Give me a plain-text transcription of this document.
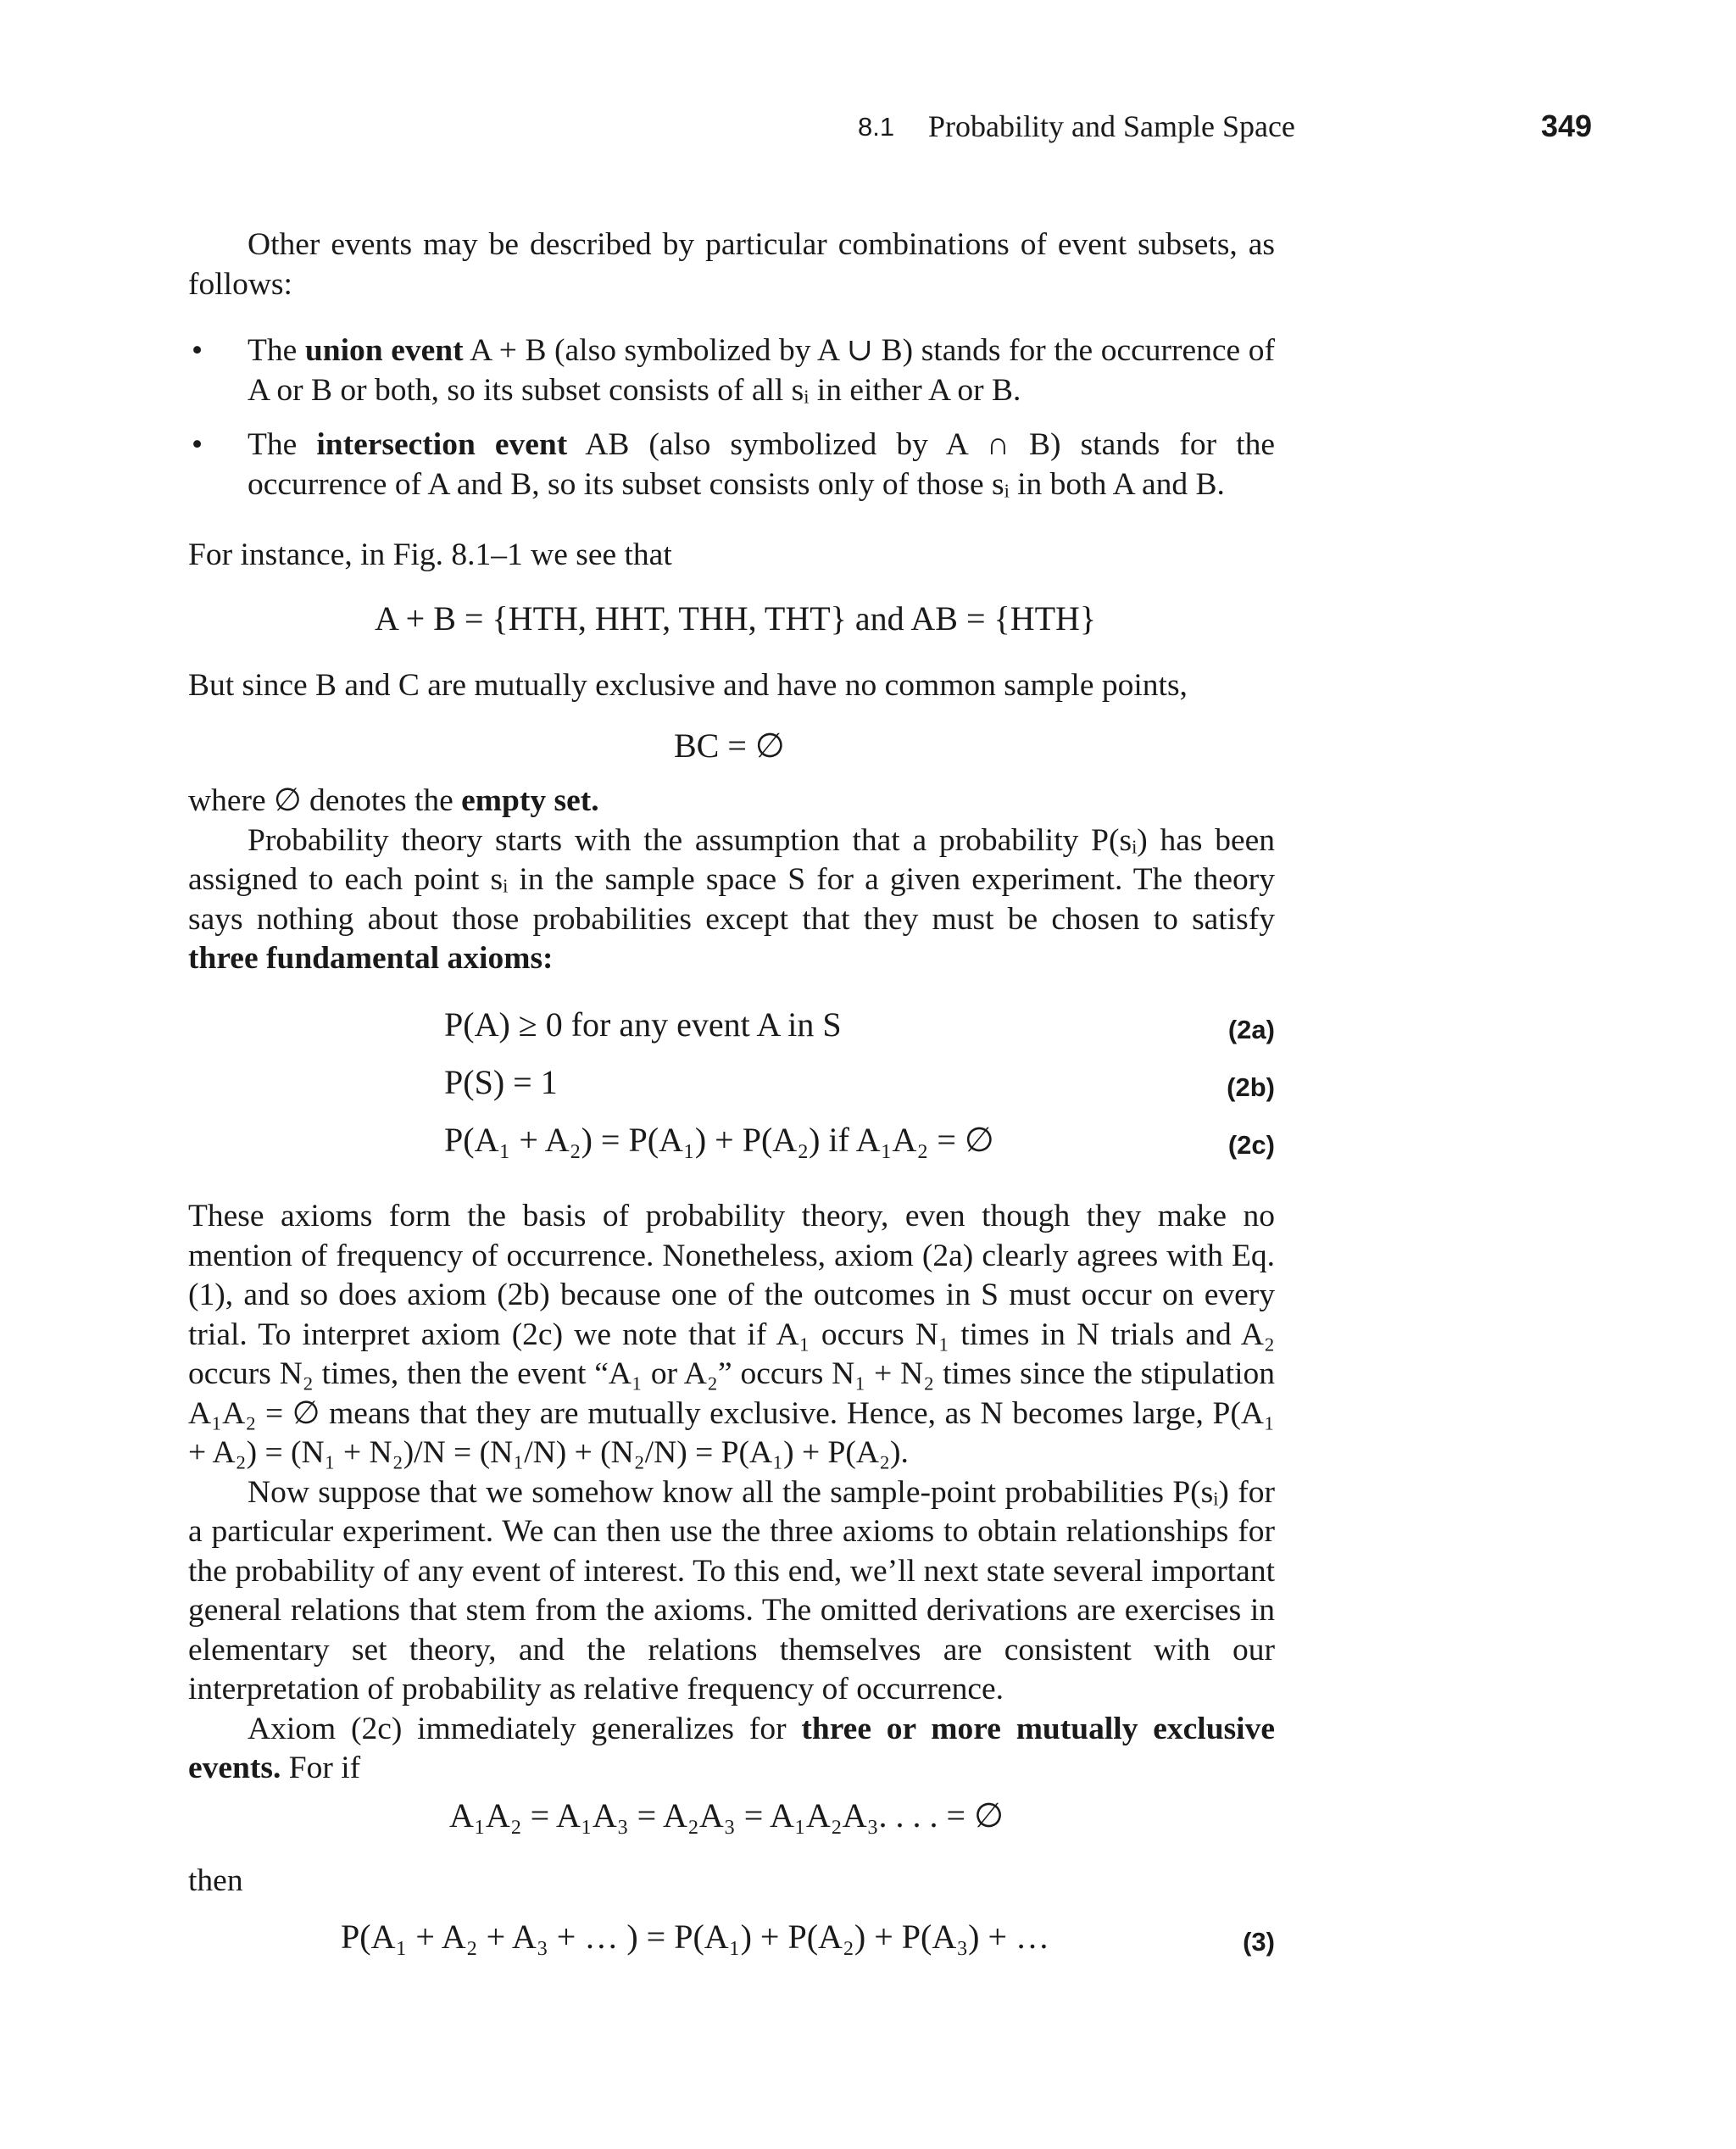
8.1 Probability and Sample Space	349

Other events may be described by particular combinations of event subsets, as follows:

• The union event A + B (also symbolized by A ∪ B) stands for the occurrence of A or B or both, so its subset consists of all sᵢ in either A or B.

• The intersection event AB (also symbolized by A ∩ B) stands for the occurrence of A and B, so its subset consists only of those sᵢ in both A and B.

For instance, in Fig. 8.1–1 we see that

A + B = {HTH, HHT, THH, THT} and AB = {HTH}

But since B and C are mutually exclusive and have no common sample points,

BC = ∅

where ∅ denotes the empty set.

Probability theory starts with the assumption that a probability P(sᵢ) has been assigned to each point sᵢ in the sample space S for a given experiment. The theory says nothing about those probabilities except that they must be chosen to satisfy three fundamental axioms:

P(A) ≥ 0 for any event A in S	(2a)
P(S) = 1	(2b)
P(A₁ + A₂) = P(A₁) + P(A₂) if A₁A₂ = ∅	(2c)

These axioms form the basis of probability theory, even though they make no mention of frequency of occurrence. Nonetheless, axiom (2a) clearly agrees with Eq. (1), and so does axiom (2b) because one of the outcomes in S must occur on every trial. To interpret axiom (2c) we note that if A₁ occurs N₁ times in N trials and A₂ occurs N₂ times, then the event “A₁ or A₂” occurs N₁ + N₂ times since the stipulation A₁A₂ = ∅ means that they are mutually exclusive. Hence, as N becomes large, P(A₁ + A₂) = (N₁ + N₂)/N = (N₁/N) + (N₂/N) = P(A₁) + P(A₂).

Now suppose that we somehow know all the sample-point probabilities P(sᵢ) for a particular experiment. We can then use the three axioms to obtain relationships for the probability of any event of interest. To this end, we’ll next state several important general relations that stem from the axioms. The omitted derivations are exercises in elementary set theory, and the relations themselves are consistent with our interpretation of probability as relative frequency of occurrence.

Axiom (2c) immediately generalizes for three or more mutually exclusive events. For if

A₁A₂ = A₁A₃ = A₂A₃ = A₁A₂A₃. . . . = ∅

then

P(A₁ + A₂ + A₃ + … ) = P(A₁) + P(A₂) + P(A₃) + …	(3)
